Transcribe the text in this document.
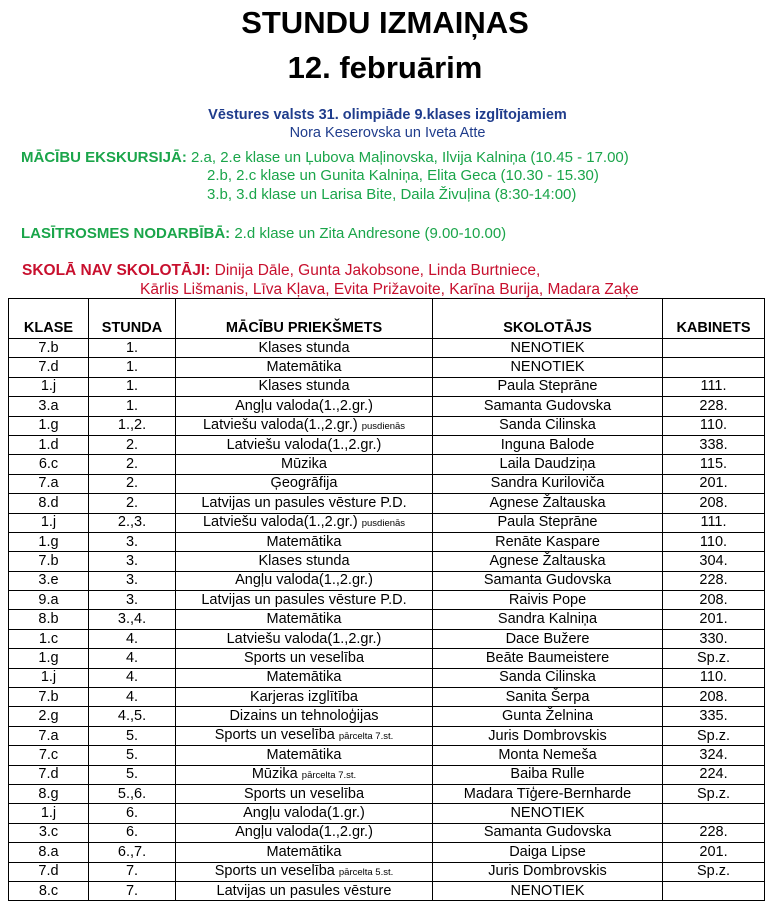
STUNDU IZMAIŅAS
12. februārim
Vēstures valsts 31. olimpiāde 9.klases izglītojamiem
Nora Keserovska un Iveta Atte
MĀCĪBU EKSKURSIJĀ: 2.a, 2.e klase un Ļubova Maļinovska, Ilvija Kalniņa (10.45 - 17.00)
2.b, 2.c klase un Gunita Kalniņa, Elita Geca (10.30 - 15.30)
3.b, 3.d klase un Larisa Bite, Daila Živuļina (8:30-14:00)
LASĪTROSMES NODARBĪBĀ: 2.d klase un Zita Andresone (9.00-10.00)
SKOLĀ NAV SKOLOTĀJI: Dinija Dāle, Gunta Jakobsone, Linda Burtniece,
Kārlis Lišmanis, Līva Kļava, Evita Prižavoite, Karīna Burija, Madara Zaķe
KLASE	STUNDA	MĀCĪBU PRIEKŠMETS	SKOLOTĀJS	KABINETS
7.b	1.	Klases stunda	NENOTIEK	
7.d	1.	Matemātika	NENOTIEK	
1.j	1.	Klases stunda	Paula Steprāne	111.
3.a	1.	Angļu valoda(1.,2.gr.)	Samanta Gudovska	228.
1.g	1.,2.	Latviešu valoda(1.,2.gr.) pusdienās	Sanda Cilinska	110.
1.d	2.	Latviešu valoda(1.,2.gr.)	Inguna Balode	338.
6.c	2.	Mūzika	Laila Daudziņa	115.
7.a	2.	Ģeogrāfija	Sandra Kuriloviča	201.
8.d	2.	Latvijas un pasules vēsture P.D.	Agnese Žaltauska	208.
1.j	2.,3.	Latviešu valoda(1.,2.gr.) pusdienās	Paula Steprāne	111.
1.g	3.	Matemātika	Renāte Kaspare	110.
7.b	3.	Klases stunda	Agnese Žaltauska	304.
3.e	3.	Angļu valoda(1.,2.gr.)	Samanta Gudovska	228.
9.a	3.	Latvijas un pasules vēsture P.D.	Raivis Pope	208.
8.b	3.,4.	Matemātika	Sandra Kalniņa	201.
1.c	4.	Latviešu valoda(1.,2.gr.)	Dace Bužere	330.
1.g	4.	Sports un veselība	Beāte Baumeistere	Sp.z.
1.j	4.	Matemātika	Sanda Cilinska	110.
7.b	4.	Karjeras izglītība	Sanita Šerpa	208.
2.g	4.,5.	Dizains un tehnoloģijas	Gunta Želnina	335.
7.a	5.	Sports un veselība pārcelta 7.st.	Juris Dombrovskis	Sp.z.
7.c	5.	Matemātika	Monta Nemeša	324.
7.d	5.	Mūzika pārcelta 7.st.	Baiba Rulle	224.
8.g	5.,6.	Sports un veselība	Madara Tīģere-Bernharde	Sp.z.
1.j	6.	Angļu valoda(1.gr.)	NENOTIEK	
3.c	6.	Angļu valoda(1.,2.gr.)	Samanta Gudovska	228.
8.a	6.,7.	Matemātika	Daiga Lipse	201.
7.d	7.	Sports un veselība pārcelta 5.st.	Juris Dombrovskis	Sp.z.
8.c	7.	Latvijas un pasules vēsture	NENOTIEK	
